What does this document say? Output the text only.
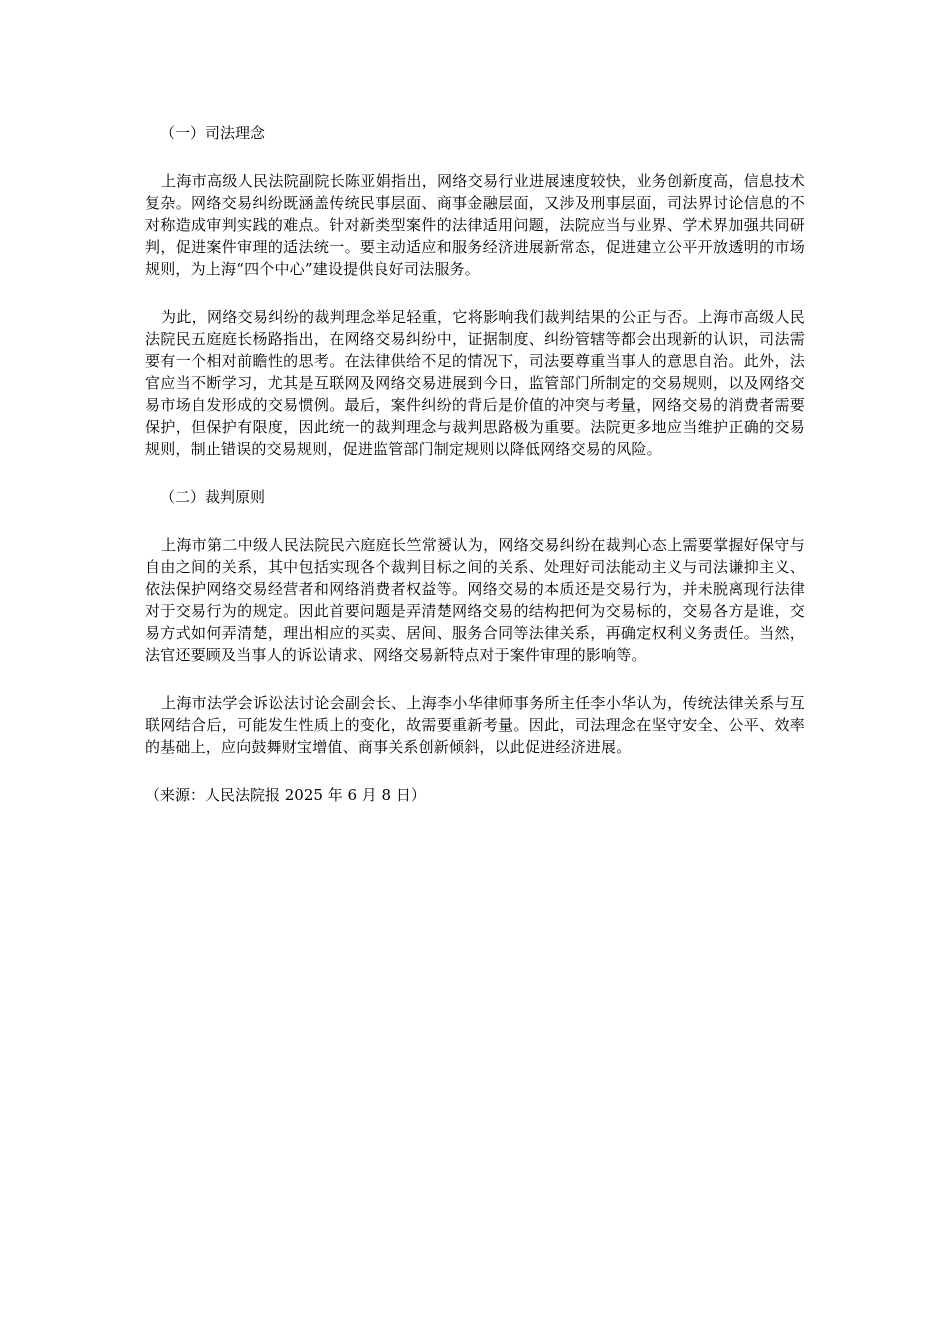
（一）司法理念
上海市高级人民法院副院长陈亚娟指出，网络交易行业进展速度较快，业务创新度高，信息技术复杂。网络交易纠纷既涵盖传统民事层面、商事金融层面，又涉及刑事层面，司法界讨论信息的不对称造成审判实践的难点。针对新类型案件的法律适用问题，法院应当与业界、学术界加强共同研判，促进案件审理的适法统一。要主动适应和服务经济进展新常态，促进建立公平开放透明的市场规则，为上海“四个中心”建设提供良好司法服务。
为此，网络交易纠纷的裁判理念举足轻重，它将影响我们裁判结果的公正与否。上海市高级人民法院民五庭庭长杨路指出，在网络交易纠纷中，证据制度、纠纷管辖等都会出现新的认识，司法需要有一个相对前瞻性的思考。在法律供给不足的情况下，司法要尊重当事人的意思自治。此外，法官应当不断学习，尤其是互联网及网络交易进展到今日，监管部门所制定的交易规则，以及网络交易市场自发形成的交易惯例。最后，案件纠纷的背后是价值的冲突与考量，网络交易的消费者需要保护，但保护有限度，因此统一的裁判理念与裁判思路极为重要。法院更多地应当维护正确的交易规则，制止错误的交易规则，促进监管部门制定规则以降低网络交易的风险。
（二）裁判原则
上海市第二中级人民法院民六庭庭长竺常赟认为，网络交易纠纷在裁判心态上需要掌握好保守与自由之间的关系，其中包括实现各个裁判目标之间的关系、处理好司法能动主义与司法谦抑主义、依法保护网络交易经营者和网络消费者权益等。网络交易的本质还是交易行为，并未脱离现行法律对于交易行为的规定。因此首要问题是弄清楚网络交易的结构把何为交易标的，交易各方是谁，交易方式如何弄清楚，理出相应的买卖、居间、服务合同等法律关系，再确定权利义务责任。当然，法官还要顾及当事人的诉讼请求、网络交易新特点对于案件审理的影响等。
上海市法学会诉讼法讨论会副会长、上海李小华律师事务所主任李小华认为，传统法律关系与互联网结合后，可能发生性质上的变化，故需要重新考量。因此，司法理念在坚守安全、公平、效率的基础上，应向鼓舞财宝增值、商事关系创新倾斜，以此促进经济进展。
（来源：人民法院报 2025 年 6 月 8 日）
